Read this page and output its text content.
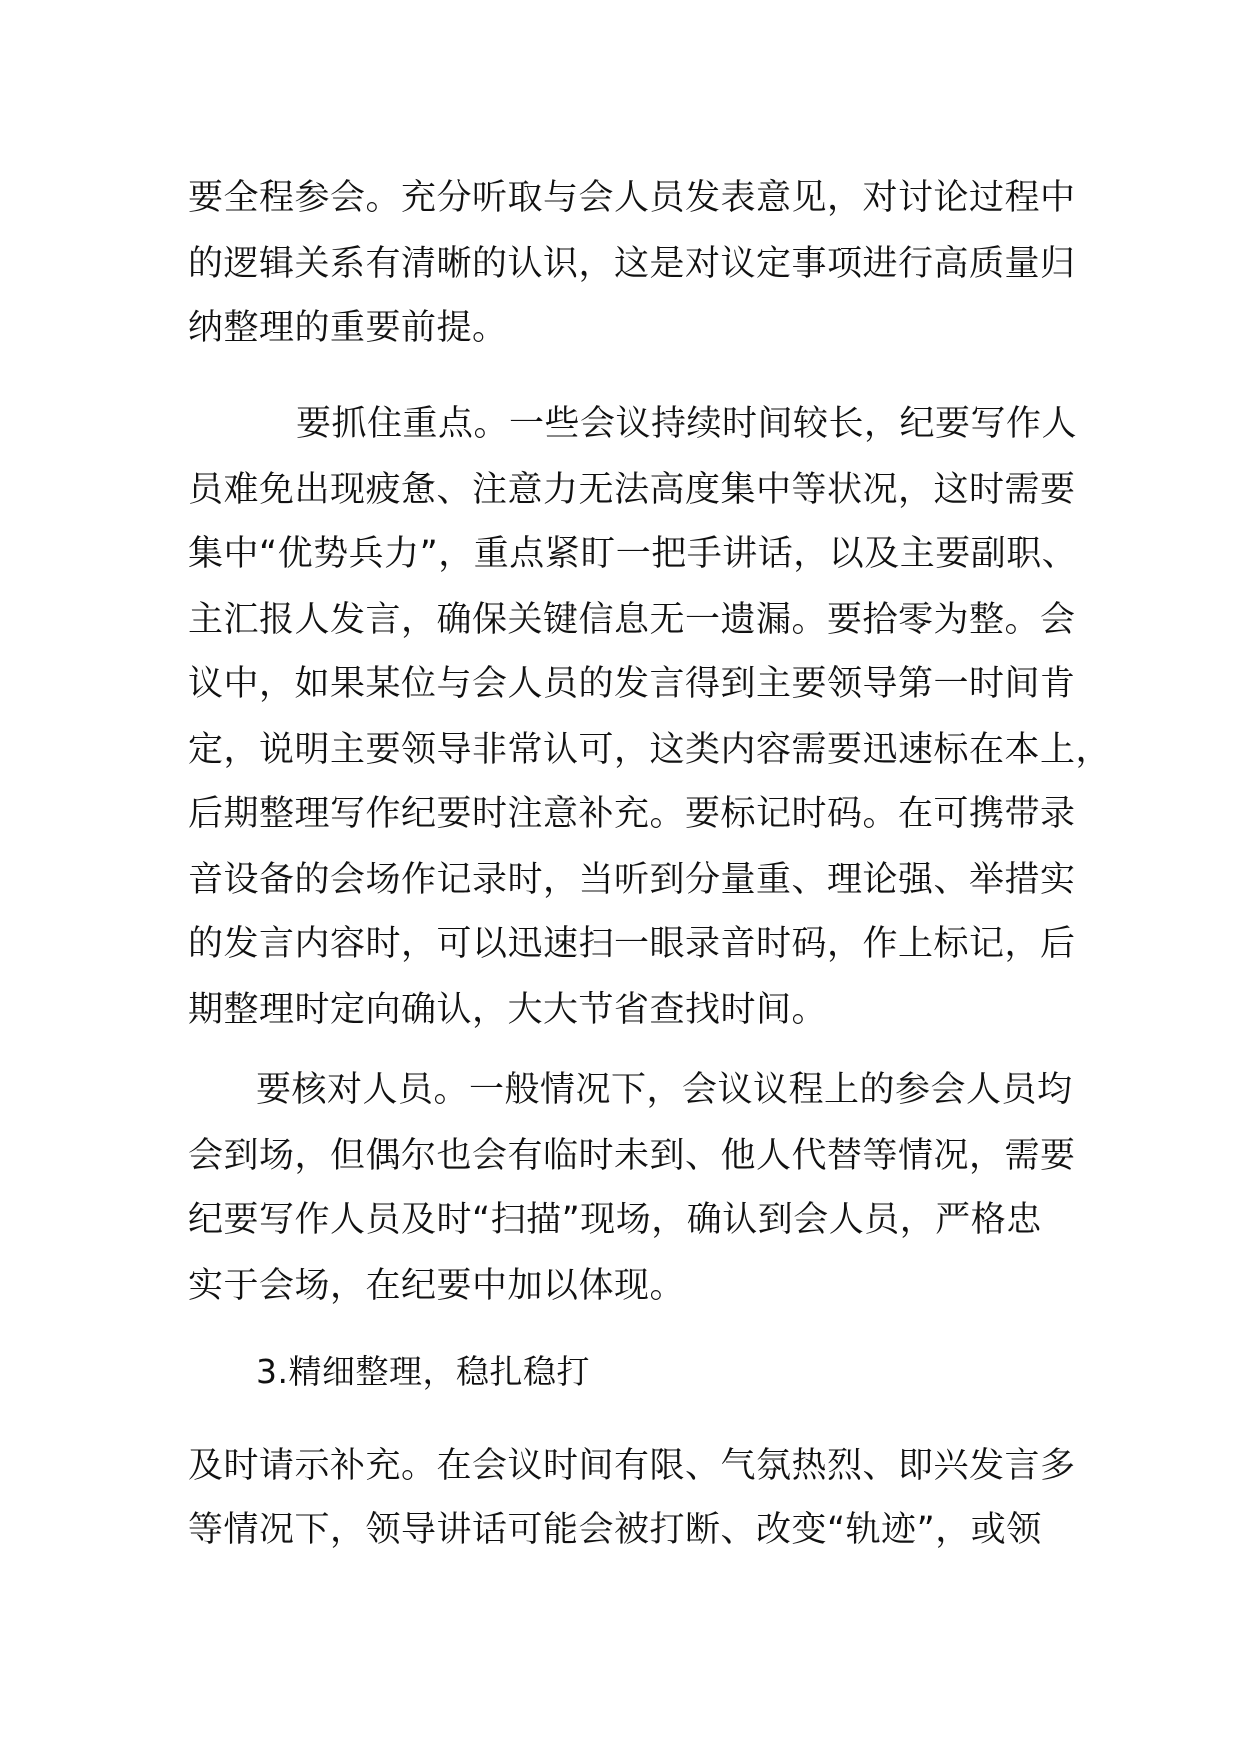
要全程参会。充分听取与会人员发表意见，对讨论过程中
的逻辑关系有清晰的认识，这是对议定事项进行高质量归
纳整理的重要前提。
要抓住重点。一些会议持续时间较长，纪要写作人
员难免出现疲惫、注意力无法高度集中等状况，这时需要
集中“优势兵力”，重点紧盯一把手讲话，以及主要副职、
主汇报人发言，确保关键信息无一遗漏。要拾零为整。会
议中，如果某位与会人员的发言得到主要领导第一时间肯
定，说明主要领导非常认可，这类内容需要迅速标在本上，
后期整理写作纪要时注意补充。要标记时码。在可携带录
音设备的会场作记录时，当听到分量重、理论强、举措实
的发言内容时，可以迅速扫一眼录音时码，作上标记，后
期整理时定向确认，大大节省查找时间。
要核对人员。一般情况下，会议议程上的参会人员均
会到场，但偶尔也会有临时未到、他人代替等情况，需要
纪要写作人员及时“扫描”现场，确认到会人员，严格忠
实于会场，在纪要中加以体现。
3.精细整理，稳扎稳打
及时请示补充。在会议时间有限、气氛热烈、即兴发言多
等情况下，领导讲话可能会被打断、改变“轨迹”，或领
